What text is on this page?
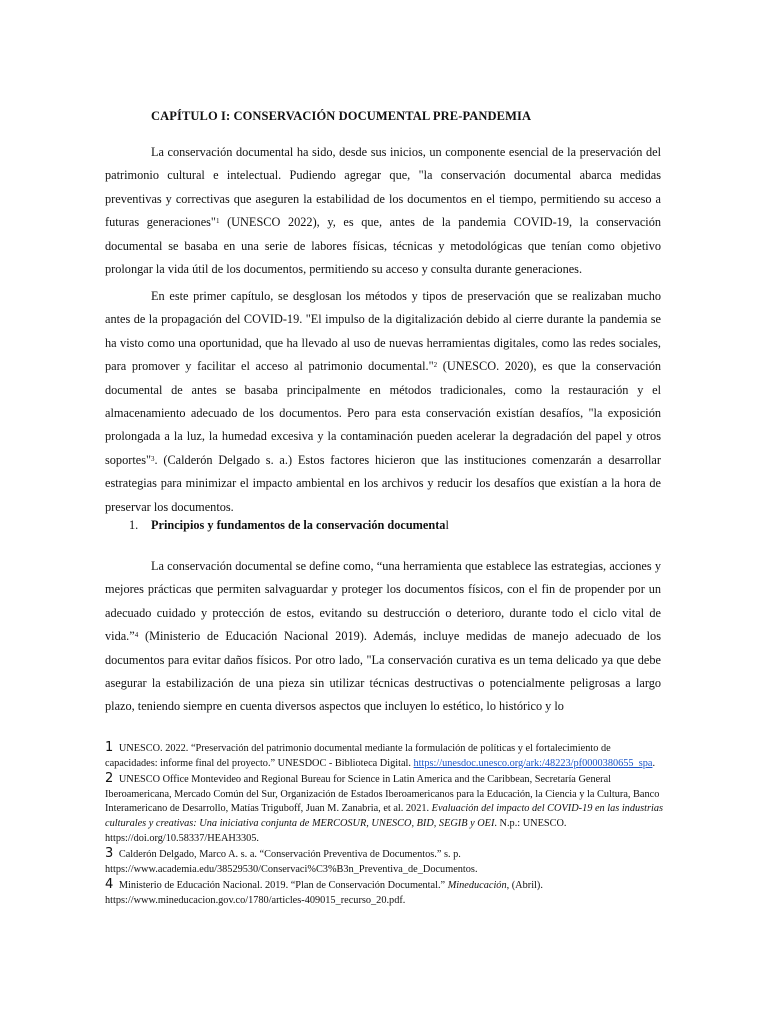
CAPÍTULO I: CONSERVACIÓN DOCUMENTAL PRE-PANDEMIA

La conservación documental ha sido, desde sus inicios, un componente esencial de la preservación del patrimonio cultural e intelectual. Pudiendo agregar que, "la conservación documental abarca medidas preventivas y correctivas que aseguren la estabilidad de los documentos en el tiempo, permitiendo su acceso a futuras generaciones"$^1$ (UNESCO 2022), y, es que, antes de la pandemia COVID-19, la conservación documental se basaba en una serie de labores físicas, técnicas y metodológicas que tenían como objetivo prolongar la vida útil de los documentos, permitiendo su acceso y consulta durante generaciones.

En este primer capítulo, se desglosan los métodos y tipos de preservación que se realizaban mucho antes de la propagación del COVID-19. "El impulso de la digitalización debido al cierre durante la pandemia se ha visto como una oportunidad, que ha llevado al uso de nuevas herramientas digitales, como las redes sociales, para promover y facilitar el acceso al patrimonio documental."$^2$ (UNESCO. 2020), es que la conservación documental de antes se basaba principalmente en métodos tradicionales, como la restauración y el almacenamiento adecuado de los documentos. Pero para esta conservación existían desafíos, "la exposición prolongada a la luz, la humedad excesiva y la contaminación pueden acelerar la degradación del papel y otros soportes"$^3$. (Calderón Delgado s. a.) Estos factores hicieron que las instituciones comenzarán a desarrollar estrategias para minimizar el impacto ambiental en los archivos y reducir los desafíos que existían a la hora de preservar los documentos.

1. Principios y fundamentos de la conservación documental

La conservación documental se define como, “una herramienta que establece las estrategias, acciones y mejores prácticas que permiten salvaguardar y proteger los documentos físicos, con el fin de propender por un adecuado cuidado y protección de estos, evitando su destrucción o deterioro, durante todo el ciclo vital de vida.”$^4$ (Ministerio de Educación Nacional 2019). Además, incluye medidas de manejo adecuado de los documentos para evitar daños físicos. Por otro lado, "La conservación curativa es un tema delicado ya que debe asegurar la estabilización de una pieza sin utilizar técnicas destructivas o potencialmente peligrosas a largo plazo, teniendo siempre en cuenta diversos aspectos que incluyen lo estético, lo histórico y lo

1 UNESCO. 2022. “Preservación del patrimonio documental mediante la formulación de políticas y el fortalecimiento de capacidades: informe final del proyecto.” UNESDOC - Biblioteca Digital. https://unesdoc.unesco.org/ark:/48223/pf0000380655_spa.
2 UNESCO Office Montevideo and Regional Bureau for Science in Latin America and the Caribbean, Secretaría General Iberoamericana, Mercado Común del Sur, Organización de Estados Iberoamericanos para la Educación, la Ciencia y la Cultura, Banco Interamericano de Desarrollo, Matías Triguboff, Juan M. Zanabria, et al. 2021. Evaluación del impacto del COVID-19 en las industrias culturales y creativas: Una iniciativa conjunta de MERCOSUR, UNESCO, BID, SEGIB y OEI. N.p.: UNESCO. https://doi.org/10.58337/HEAH3305.
3 Calderón Delgado, Marco A. s. a. “Conservación Preventiva de Documentos.” s. p. https://www.academia.edu/38529530/Conservaci%C3%B3n_Preventiva_de_Documentos.
4 Ministerio de Educación Nacional. 2019. “Plan de Conservación Documental.” Mineducación, (Abril). https://www.mineducacion.gov.co/1780/articles-409015_recurso_20.pdf.
